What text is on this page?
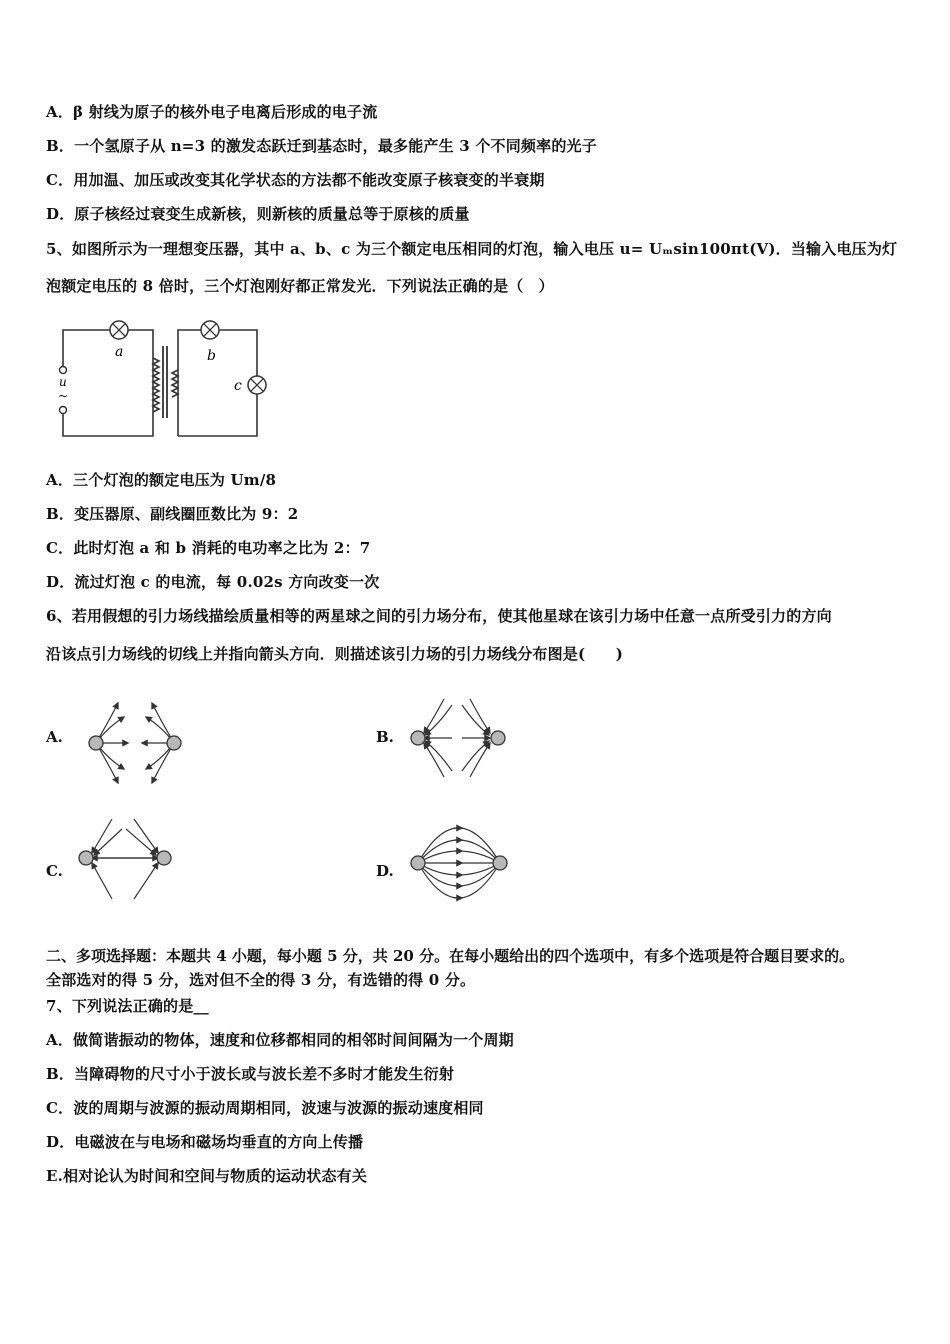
A．β 射线为原子的核外电子电离后形成的电子流
B．一个氢原子从 n=3 的激发态跃迁到基态时，最多能产生 3 个不同频率的光子
C．用加温、加压或改变其化学状态的方法都不能改变原子核衰变的半衰期
D．原子核经过衰变生成新核，则新核的质量总等于原核的质量
5、如图所示为一理想变压器，其中 a、b、c 为三个额定电压相同的灯泡，输入电压 u= Uₘsin100πt(V)．当输入电压为灯
泡额定电压的 8 倍时，三个灯泡刚好都正常发光．下列说法正确的是（　）
a	b
c
u
~
A．三个灯泡的额定电压为 Um/8
B．变压器原、副线圈匝数比为 9：2
C．此时灯泡 a 和 b 消耗的电功率之比为 2：7
D．流过灯泡 c 的电流，每 0.02s 方向改变一次
6、若用假想的引力场线描绘质量相等的两星球之间的引力场分布，使其他星球在该引力场中任意一点所受引力的方向
沿该点引力场线的切线上并指向箭头方向．则描述该引力场的引力场线分布图是(　　)
A.	B.
C.	D.
二、多项选择题：本题共 4 小题，每小题 5 分，共 20 分。在每小题给出的四个选项中，有多个选项是符合题目要求的。
全部选对的得 5 分，选对但不全的得 3 分，有选错的得 0 分。
7、下列说法正确的是__
A．做简谐振动的物体，速度和位移都相同的相邻时间间隔为一个周期
B．当障碍物的尺寸小于波长或与波长差不多时才能发生衍射
C．波的周期与波源的振动周期相同，波速与波源的振动速度相同
D．电磁波在与电场和磁场均垂直的方向上传播
E.相对论认为时间和空间与物质的运动状态有关
